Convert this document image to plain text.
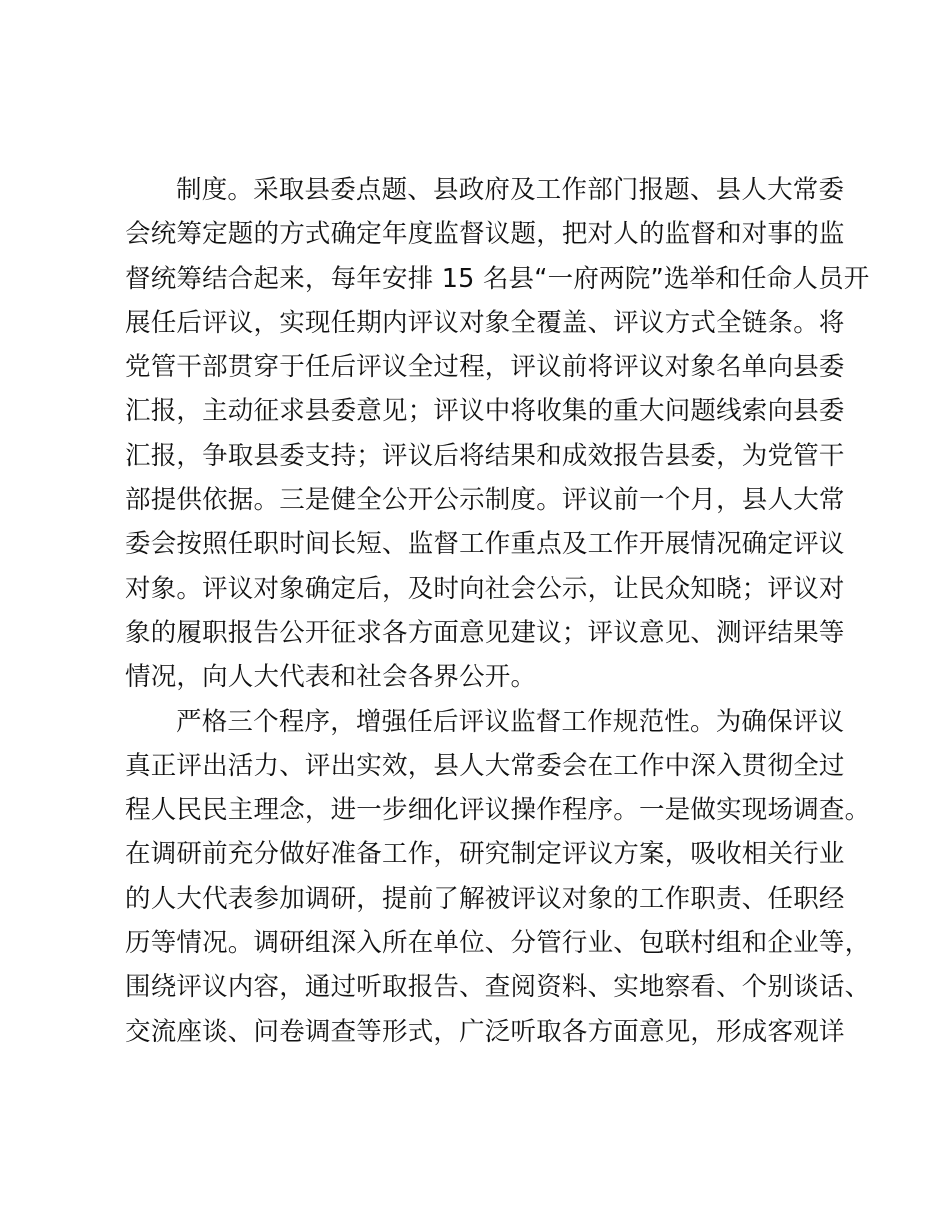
制度。采取县委点题、县政府及工作部门报题、县人大常委
会统筹定题的方式确定年度监督议题，把对人的监督和对事的监
督统筹结合起来，每年安排 15 名县“一府两院”选举和任命人员开
展任后评议，实现任期内评议对象全覆盖、评议方式全链条。将
党管干部贯穿于任后评议全过程，评议前将评议对象名单向县委
汇报，主动征求县委意见；评议中将收集的重大问题线索向县委
汇报，争取县委支持；评议后将结果和成效报告县委，为党管干
部提供依据。三是健全公开公示制度。评议前一个月，县人大常
委会按照任职时间长短、监督工作重点及工作开展情况确定评议
对象。评议对象确定后，及时向社会公示，让民众知晓；评议对
象的履职报告公开征求各方面意见建议；评议意见、测评结果等
情况，向人大代表和社会各界公开。
严格三个程序，增强任后评议监督工作规范性。为确保评议
真正评出活力、评出实效，县人大常委会在工作中深入贯彻全过
程人民民主理念，进一步细化评议操作程序。一是做实现场调查。
在调研前充分做好准备工作，研究制定评议方案，吸收相关行业
的人大代表参加调研，提前了解被评议对象的工作职责、任职经
历等情况。调研组深入所在单位、分管行业、包联村组和企业等，
围绕评议内容，通过听取报告、查阅资料、实地察看、个别谈话、
交流座谈、问卷调查等形式，广泛听取各方面意见，形成客观详
